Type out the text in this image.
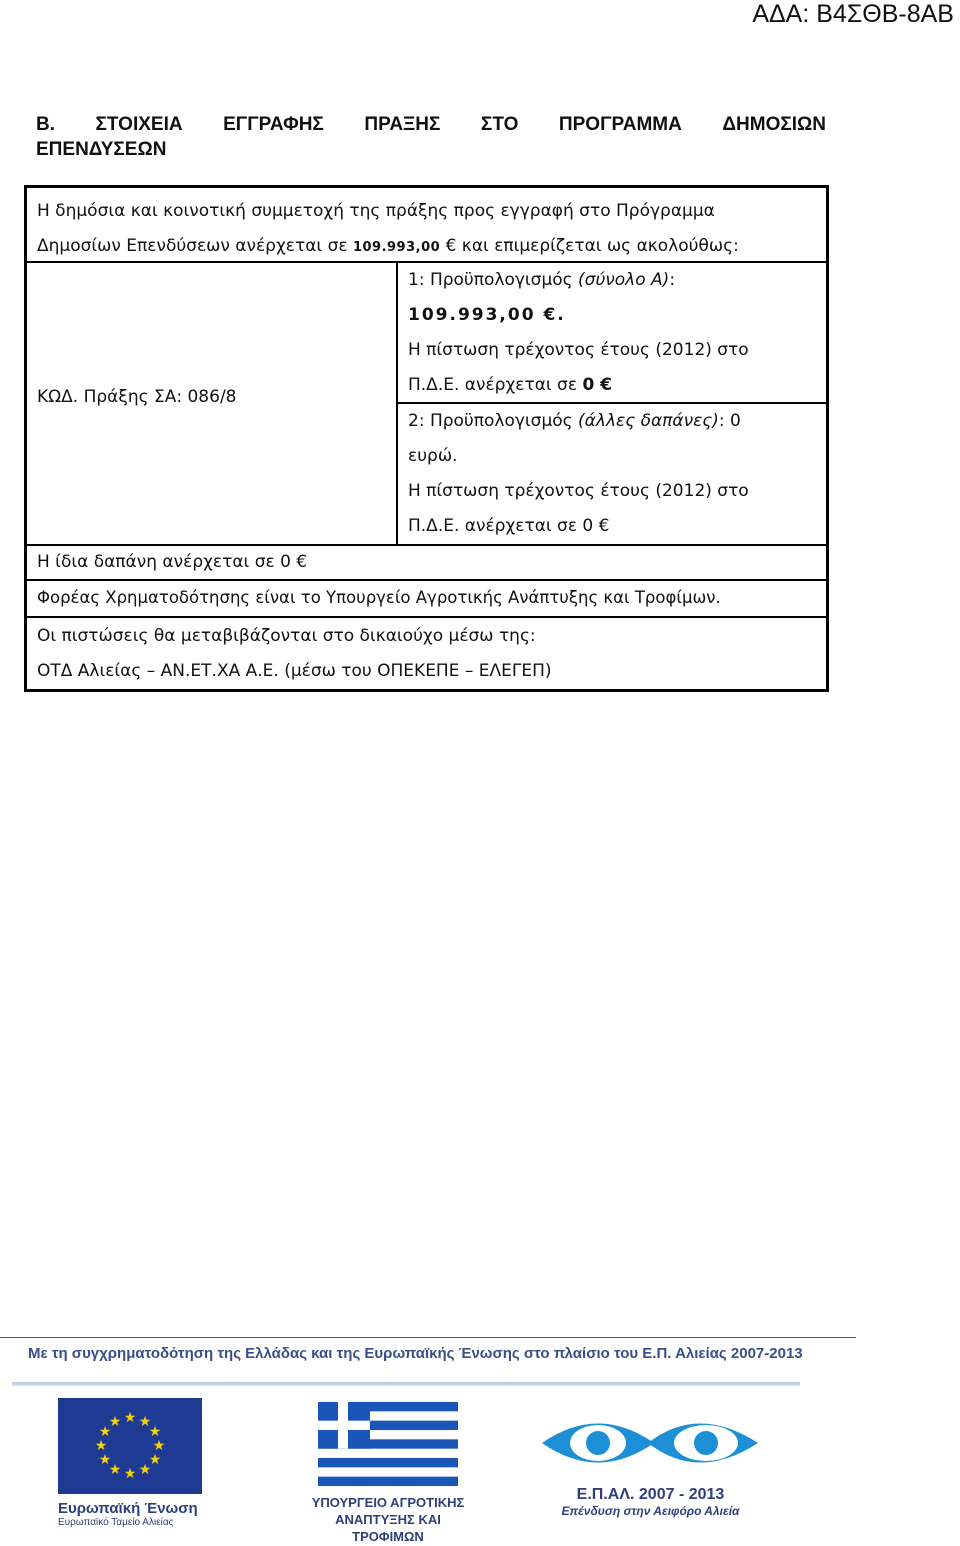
ΑΔΑ: Β4ΣΘΒ-8ΑΒ
Β. ΣΤΟΙΧΕΙΑ ΕΓΓΡΑΦΗΣ ΠΡΑΞΗΣ ΣΤΟ ΠΡΟΓΡΑΜΜΑ ΔΗΜΟΣΙΩΝ
ΕΠΕΝΔΥΣΕΩΝ
Η δημόσια και κοινοτική συμμετοχή της πράξης προς εγγραφή στο Πρόγραμμα
Δημοσίων Επενδύσεων ανέρχεται σε 109.993,00 € και επιμερίζεται ως ακολούθως:
ΚΩΔ. Πράξης ΣΑ: 086/8
1: Προϋπολογισμός (σύνολο Α):
109.993,00 €.
Η πίστωση τρέχοντος έτους (2012) στο
Π.Δ.Ε. ανέρχεται σε 0 €
2: Προϋπολογισμός (άλλες δαπάνες): 0
ευρώ.
Η πίστωση τρέχοντος έτους (2012) στο
Π.Δ.Ε. ανέρχεται σε 0 €
Η ίδια δαπάνη ανέρχεται σε 0 €
Φορέας Χρηματοδότησης είναι το Υπουργείο Αγροτικής Ανάπτυξης και Τροφίμων.
Οι πιστώσεις θα μεταβιβάζονται στο δικαιούχο μέσω της:
ΟΤΔ Αλιείας – ΑΝ.ΕΤ.ΧΑ Α.Ε. (μέσω του ΟΠΕΚΕΠΕ – ΕΛΕΓΕΠ)
Με τη συγχρηματοδότηση της Ελλάδας και της Ευρωπαϊκής Ένωσης στο πλαίσιο του Ε.Π. Αλιείας 2007-2013
★ ★
★
★
★
★
★
★
★
★
★
★
Ευρωπαϊκή Ένωση
Ευρωπαϊκό Ταμείο Αλιείας
ΥΠΟΥΡΓΕΙΟ ΑΓΡΟΤΙΚΗΣ
ΑΝΑΠΤΥΞΗΣ ΚΑΙ ΤΡΟΦΙΜΩΝ
Ε.Π.ΑΛ. 2007 - 2013
Επένδυση στην Αειφόρο Αλιεία
